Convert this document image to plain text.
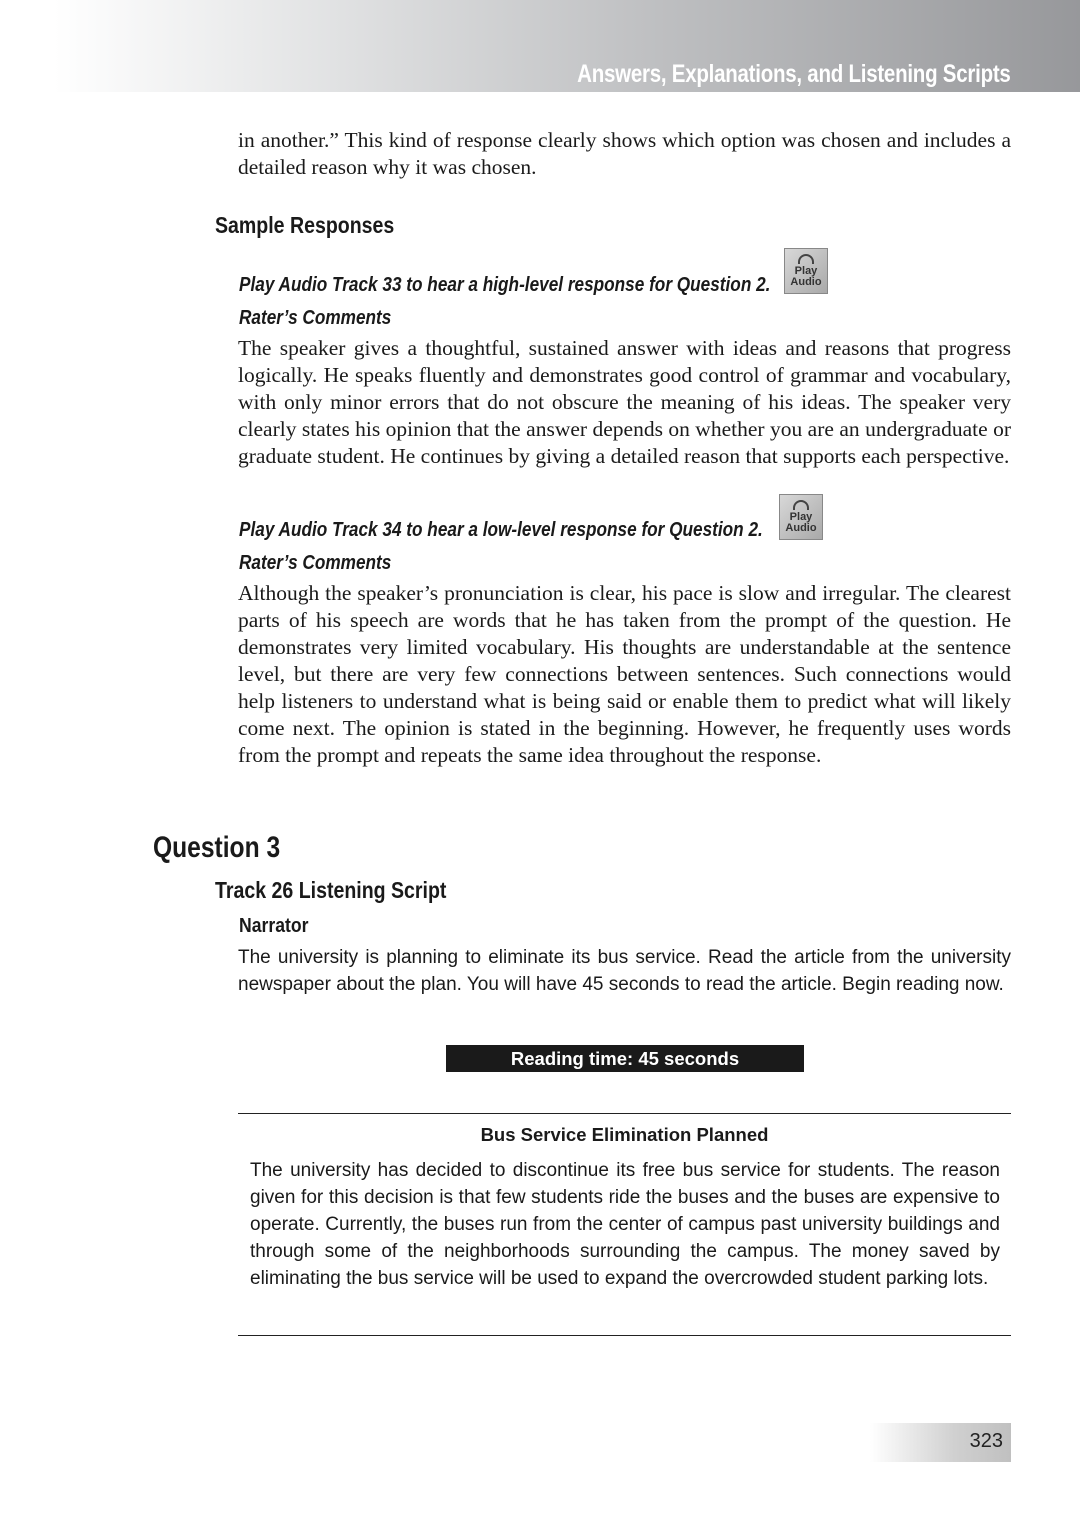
Answers, Explanations, and Listening Scripts
in another.” This kind of response clearly shows which option was chosen and includes a detailed reason why it was chosen.
Sample Responses
Play Audio Track 33 to hear a high-level response for Question 2.
Play
Audio
Rater’s Comments
The speaker gives a thoughtful, sustained answer with ideas and reasons that progress logically. He speaks fluently and demonstrates good control of grammar and vocabulary, with only minor errors that do not obscure the meaning of his ideas. The speaker very clearly states his opinion that the answer depends on whether you are an undergraduate or graduate student. He continues by giving a detailed reason that supports each perspective.
Play Audio Track 34 to hear a low-level response for Question 2.
Play
Audio
Rater’s Comments
Although the speaker’s pronunciation is clear, his pace is slow and irregular. The clearest parts of his speech are words that he has taken from the prompt of the question. He demonstrates very limited vocabulary. His thoughts are understandable at the sentence level, but there are very few connections between sentences. Such connections would help listeners to understand what is being said or enable them to predict what will likely come next. The opinion is stated in the beginning. However, he frequently uses words from the prompt and repeats the same idea throughout the response.
Question 3
Track 26 Listening Script
Narrator
The university is planning to eliminate its bus service. Read the article from the university newspaper about the plan. You will have 45 seconds to read the article. Begin reading now.
Reading time: 45 seconds
Bus Service Elimination Planned
The university has decided to discontinue its free bus service for students. The reason given for this decision is that few students ride the buses and the buses are expensive to operate. Currently, the buses run from the center of campus past university buildings and through some of the neighborhoods surrounding the campus. The money saved by eliminating the bus service will be used to expand the overcrowded student parking lots.
323
